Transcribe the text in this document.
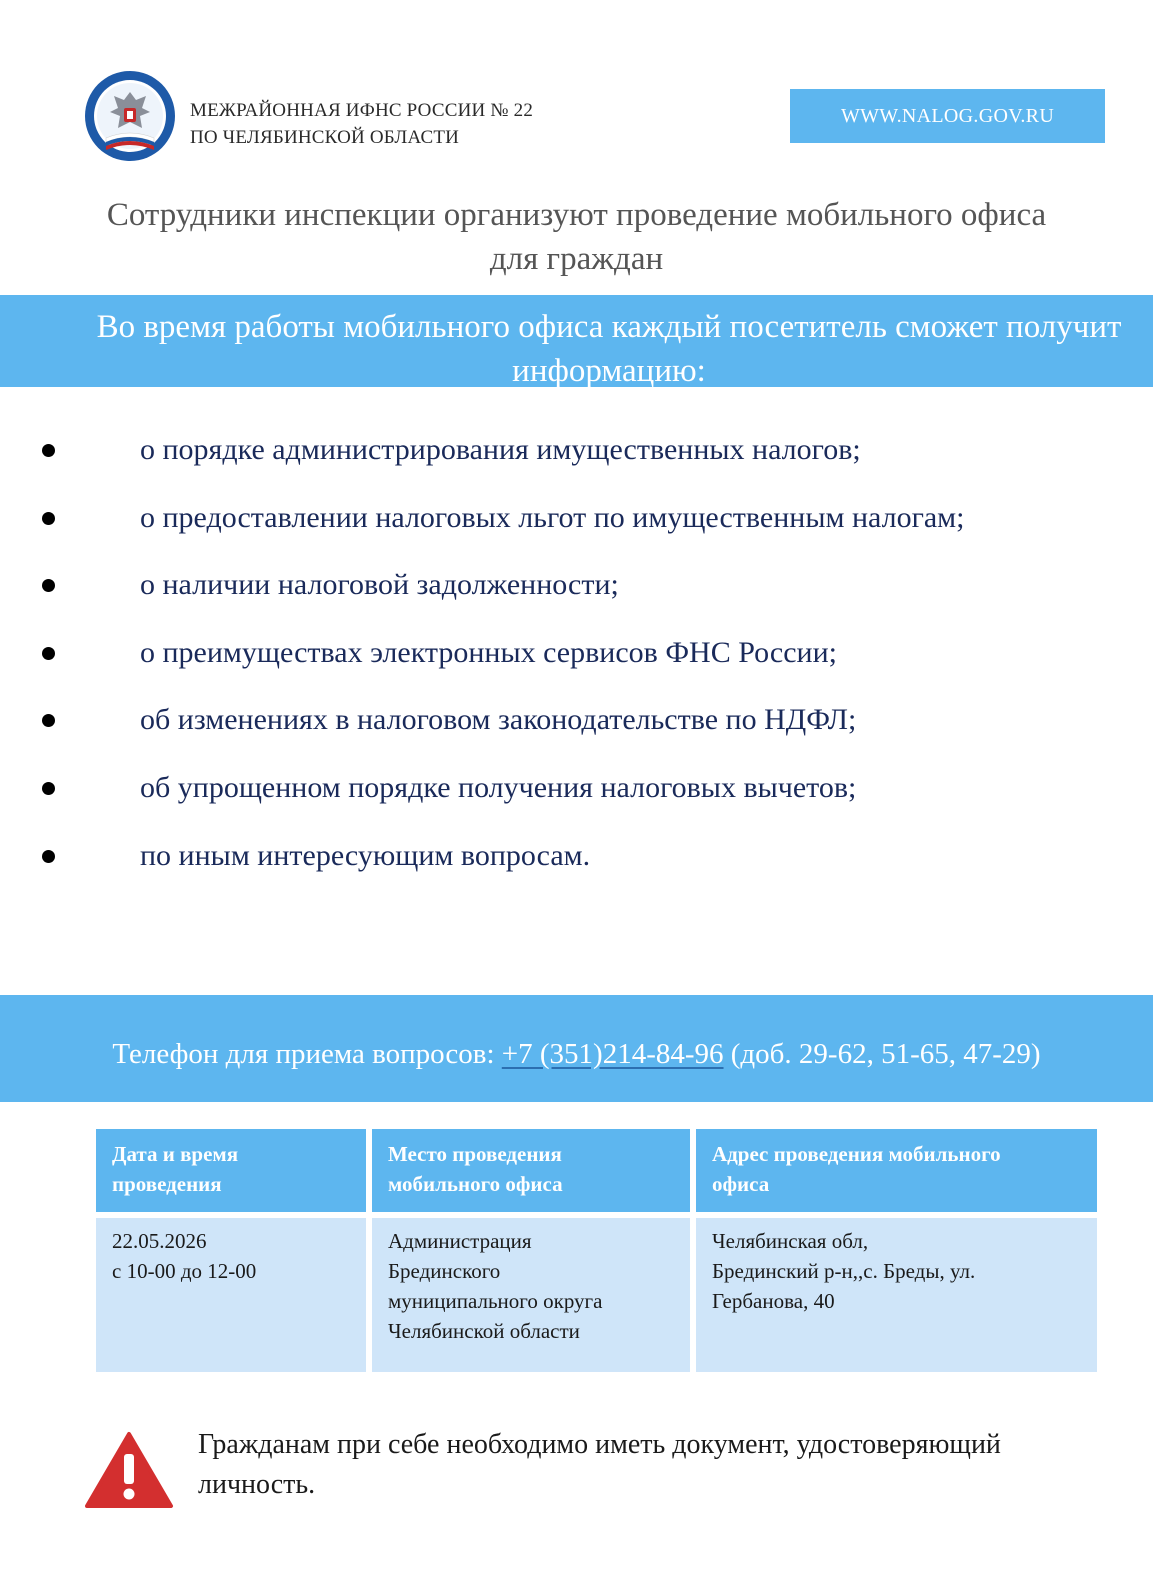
МЕЖРАЙОННАЯ ИФНС РОССИИ № 22
ПО ЧЕЛЯБИНСКОЙ ОБЛАСТИ
WWW.NALOG.GOV.RU
Сотрудники инспекции организуют проведение мобильного офиса
для граждан
Во время работы мобильного офиса каждый посетитель сможет получит
информацию:
о порядке администрирования имущественных налогов;
о предоставлении налоговых льгот по имущественным налогам;
о наличии налоговой задолженности;
о преимуществах электронных сервисов ФНС России;
об изменениях в налоговом законодательстве по НДФЛ;
об упрощенном порядке получения налоговых вычетов;
по иным интересующим вопросам.
Телефон для приема вопросов: +7 (351)214-84-96 (доб. 29-62, 51-65, 47-29)
Дата и время
проведения
Место проведения
мобильного офиса
Адрес проведения мобильного
офиса
22.05.2026
с 10-00 до 12-00
Администрация
Брединского
муниципального округа
Челябинской области
Челябинская обл,
Брединский р-н,,с. Бреды, ул.
Гербанова, 40
Гражданам при себе необходимо иметь документ, удостоверяющий
личность.
